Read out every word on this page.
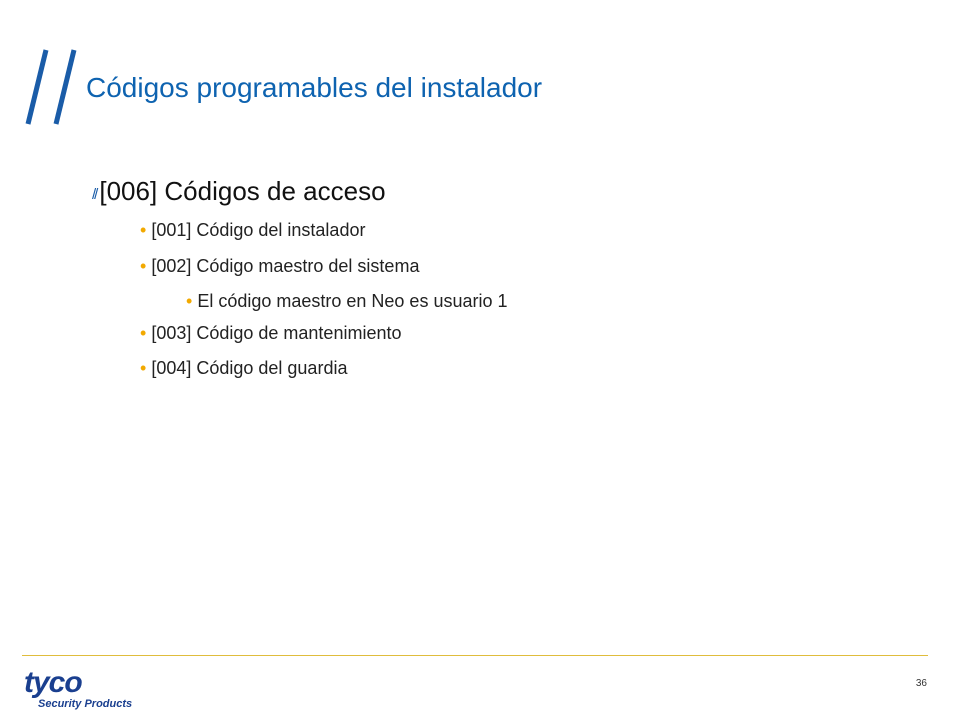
Códigos programables del instalador
// [006] Códigos de acceso
• [001] Código del instalador
• [002] Código maestro del sistema
• El código maestro en Neo es usuario 1
• [003] Código de mantenimiento
• [004] Código del guardia
tyco
Security Products
36
